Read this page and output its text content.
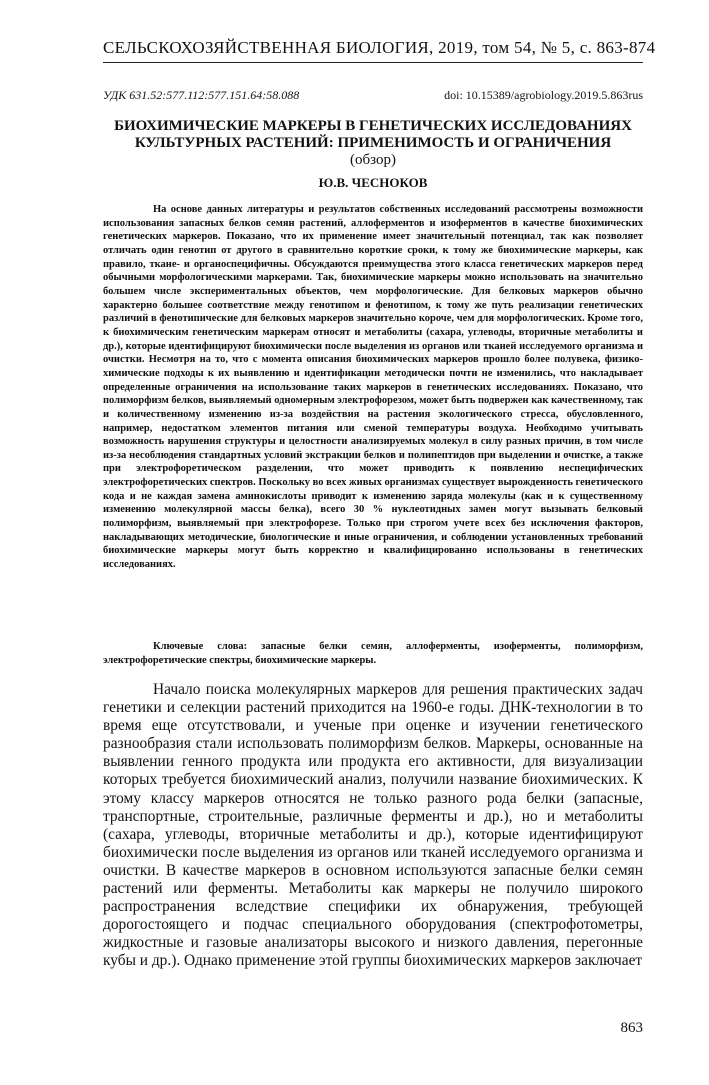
СЕЛЬСКОХОЗЯЙСТВЕННАЯ БИОЛОГИЯ, 2019, том 54, № 5, с. 863-874
УДК 631.52:577.112:577.151.64:58.088	doi: 10.15389/agrobiology.2019.5.863rus
БИОХИМИЧЕСКИЕ МАРКЕРЫ В ГЕНЕТИЧЕСКИХ ИССЛЕДОВАНИЯХ
КУЛЬТУРНЫХ РАСТЕНИЙ: ПРИМЕНИМОСТЬ И ОГРАНИЧЕНИЯ
(обзор)
Ю.В. ЧЕСНОКОВ

На основе данных литературы и результатов собственных исследований рассмотрены возможности использования запасных белков семян растений, аллоферментов и изоферментов в качестве биохимических генетических маркеров. Показано, что их применение имеет значительный потенциал, так как позволяет отличать один генотип от другого в сравнительно короткие сроки, к тому же биохимические маркеры, как правило, ткане- и органоспецифичны. Обсуждаются преимущества этого класса генетических маркеров перед обычными морфологическими маркерами. Так, биохимические маркеры можно использовать на значительно большем числе экспериментальных объектов, чем морфологические. Для белковых маркеров обычно характерно большее соответствие между генотипом и фенотипом, к тому же путь реализации генетических различий в фенотипические для белковых маркеров значительно короче, чем для морфологических. Кроме того, к биохимическим генетическим маркерам относят и метаболиты (сахара, углеводы, вторичные метаболиты и др.), которые идентифицируют биохимически после выделения из органов или тканей исследуемого организма и очистки. Несмотря на то, что с момента описания биохимических маркеров прошло более полувека, физико-химические подходы к их выявлению и идентификации методически почти не изменились, что накладывает определенные ограничения на использование таких маркеров в генетических исследованиях. Показано, что полиморфизм белков, выявляемый одномерным электрофорезом, может быть подвержен как качественному, так и количественному изменению из-за воздействия на растения экологического стресса, обусловленного, например, недостатком элементов питания или сменой температуры воздуха. Необходимо учитывать возможность нарушения структуры и целостности анализируемых молекул в силу разных причин, в том числе из-за несоблюдения стандартных условий экстракции белков и полипептидов при выделении и очистке, а также при электрофоретическом разделении, что может приводить к появлению неспецифических электрофоретических спектров. Поскольку во всех живых организмах существует вырожденность генетического кода и не каждая замена аминокислоты приводит к изменению заряда молекулы (как и к существенному изменению молекулярной массы белка), всего 30 % нуклеотидных замен могут вызывать белковый полиморфизм, выявляемый при электрофорезе. Только при строгом учете всех без исключения факторов, накладывающих методические, биологические и иные ограничения, и соблюдении установленных требований биохимические маркеры могут быть корректно и квалифицированно использованы в генетических исследованиях.

Ключевые слова: запасные белки семян, аллоферменты, изоферменты, полиморфизм, электрофоретические спектры, биохимические маркеры.

Начало поиска молекулярных маркеров для решения практических задач генетики и селекции растений приходится на 1960-е годы. ДНК-технологии в то время еще отсутствовали, и ученые при оценке и изучении генетического разнообразия стали использовать полиморфизм белков. Маркеры, основанные на выявлении генного продукта или продукта его активности, для визуализации которых требуется биохимический анализ, получили название биохимических. К этому классу маркеров относятся не только разного рода белки (запасные, транспортные, строительные, различные ферменты и др.), но и метаболиты (сахара, углеводы, вторичные метаболиты и др.), которые идентифицируют биохимически после выделения из органов или тканей исследуемого организма и очистки. В качестве маркеров в основном используются запасные белки семян растений или ферменты. Метаболиты как маркеры не получило широкого распространения вследствие специфики их обнаружения, требующей дорогостоящего и подчас специального оборудования (спектрофотометры, жидкостные и газовые анализаторы высокого и низкого давления, перегонные кубы и др.). Однако применение этой группы биохимических маркеров заключает

863
